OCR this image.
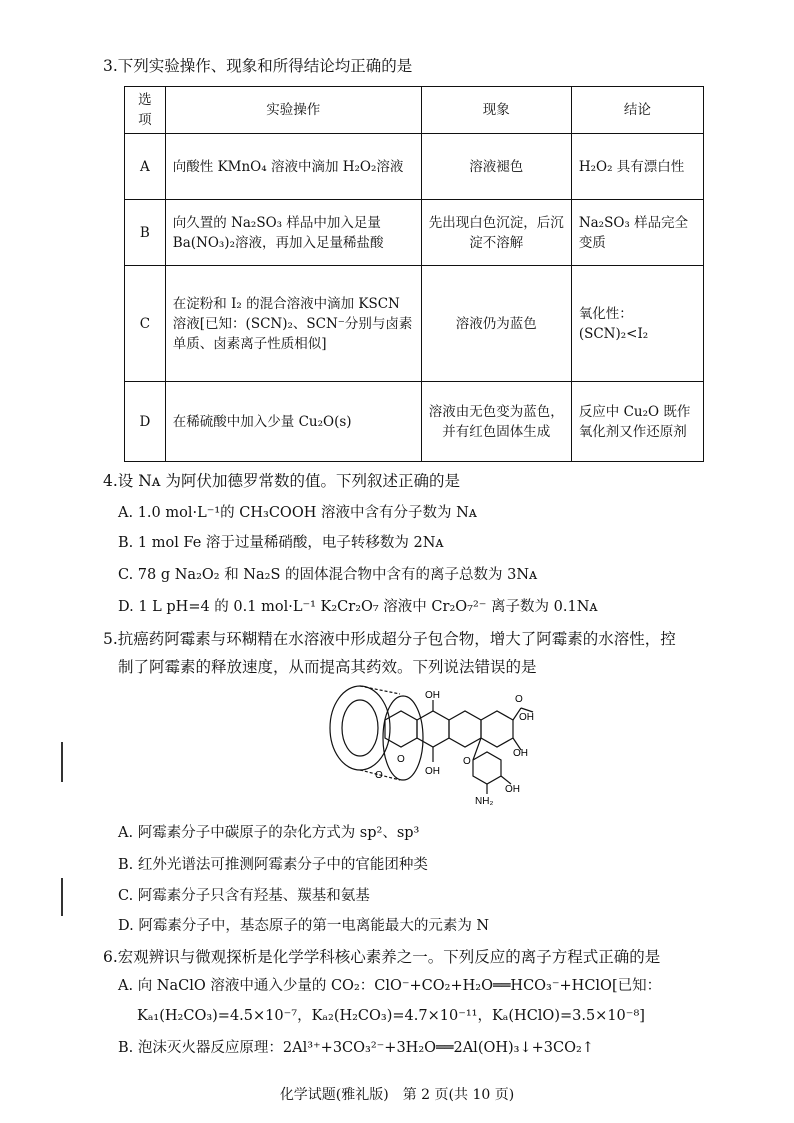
3.下列实验操作、现象和所得结论均正确的是
选项	实验操作	现象	结论
A	向酸性 KMnO₄ 溶液中滴加 H₂O₂溶液	溶液褪色	H₂O₂ 具有漂白性
B	向久置的 Na₂SO₃ 样品中加入足量 Ba(NO₃)₂溶液，再加入足量稀盐酸	先出现白色沉淀，后沉淀不溶解	Na₂SO₃ 样品完全变质
C	在淀粉和 I₂ 的混合溶液中滴加 KSCN 溶液[已知：(SCN)₂、SCN⁻分别与卤素单质、卤素离子性质相似]	溶液仍为蓝色	氧化性：(SCN)₂<I₂
D	在稀硫酸中加入少量 Cu₂O(s)	溶液由无色变为蓝色，并有红色固体生成	反应中 Cu₂O 既作氧化剂又作还原剂
4.设 Nᴀ 为阿伏加德罗常数的值。下列叙述正确的是
A. 1.0 mol·L⁻¹的 CH₃COOH 溶液中含有分子数为 Nᴀ
B. 1 mol Fe 溶于过量稀硝酸，电子转移数为 2Nᴀ
C. 78 g Na₂O₂ 和 Na₂S 的固体混合物中含有的离子总数为 3Nᴀ
D. 1 L pH=4 的 0.1 mol·L⁻¹ K₂Cr₂O₇ 溶液中 Cr₂O₇²⁻ 离子数为 0.1Nᴀ
5.抗癌药阿霉素与环糊精在水溶液中形成超分子包合物，增大了阿霉素的水溶性，控
制了阿霉素的释放速度，从而提高其药效。下列说法错误的是
OH	O
OH
OH
O
O	OH
O
OH
NH₂
A. 阿霉素分子中碳原子的杂化方式为 sp²、sp³
B. 红外光谱法可推测阿霉素分子中的官能团种类
C. 阿霉素分子只含有羟基、羰基和氨基
D. 阿霉素分子中，基态原子的第一电离能最大的元素为 N
6.宏观辨识与微观探析是化学学科核心素养之一。下列反应的离子方程式正确的是
A. 向 NaClO 溶液中通入少量的 CO₂：ClO⁻+CO₂+H₂O══HCO₃⁻+HClO[已知：
Kₐ₁(H₂CO₃)=4.5×10⁻⁷，Kₐ₂(H₂CO₃)=4.7×10⁻¹¹，Kₐ(HClO)=3.5×10⁻⁸]
B. 泡沫灭火器反应原理：2Al³⁺+3CO₃²⁻+3H₂O══2Al(OH)₃↓+3CO₂↑
化学试题(雅礼版)　第 2 页(共 10 页)
